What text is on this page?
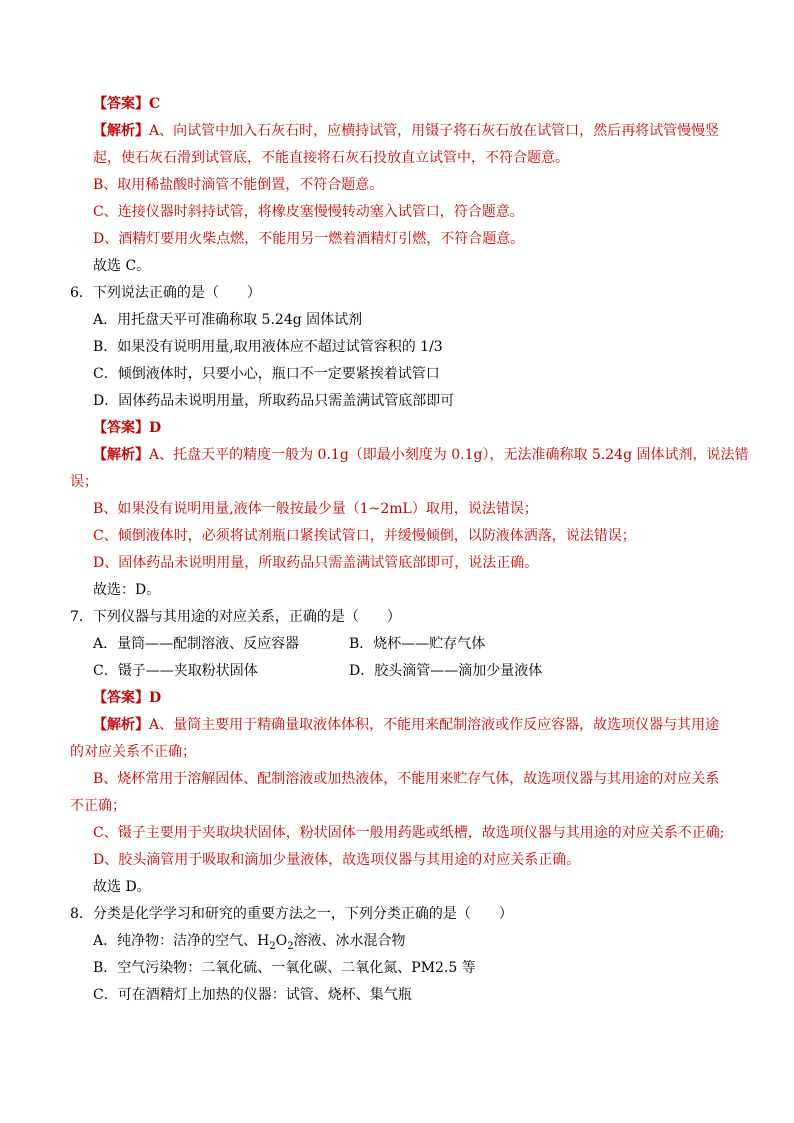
【答案】C
【解析】A、向试管中加入石灰石时，应横持试管，用镊子将石灰石放在试管口，然后再将试管慢慢竖
起，使石灰石滑到试管底，不能直接将石灰石投放直立试管中，不符合题意。
B、取用稀盐酸时滴管不能倒置，不符合题意。
C、连接仪器时斜持试管，将橡皮塞慢慢转动塞入试管口，符合题意。
D、酒精灯要用火柴点燃，不能用另一燃着酒精灯引燃，不符合题意。
故选 C。
6．下列说法正确的是（　　）
A．用托盘天平可准确称取 5.24g 固体试剂
B．如果没有说明用量,取用液体应不超过试管容积的 1/3
C．倾倒液体时，只要小心，瓶口不一定要紧挨着试管口
D．固体药品未说明用量，所取药品只需盖满试管底部即可
【答案】D
【解析】A、托盘天平的精度一般为 0.1g（即最小刻度为 0.1g），无法准确称取 5.24g 固体试剂，说法错
误；
B、如果没有说明用量,液体一般按最少量（1~2mL）取用，说法错误；
C、倾倒液体时，必须将试剂瓶口紧挨试管口，并缓慢倾倒，以防液体洒落，说法错误；
D、固体药品未说明用量，所取药品只需盖满试管底部即可，说法正确。
故选：D。
7．下列仪器与其用途的对应关系，正确的是（　　）
A．量筒——配制溶液、反应容器	B．烧杯——贮存气体
C．镊子——夹取粉状固体	D．胶头滴管——滴加少量液体
【答案】D
【解析】A、量筒主要用于精确量取液体体积，不能用来配制溶液或作反应容器，故选项仪器与其用途
的对应关系不正确；
B、烧杯常用于溶解固体、配制溶液或加热液体，不能用来贮存气体，故选项仪器与其用途的对应关系
不正确；
C、镊子主要用于夹取块状固体，粉状固体一般用药匙或纸槽，故选项仪器与其用途的对应关系不正确;
D、胶头滴管用于吸取和滴加少量液体，故选项仪器与其用途的对应关系正确。
故选 D。
8．分类是化学学习和研究的重要方法之一，下列分类正确的是（　　）
A．纯净物：洁净的空气、$H_2O_2$溶液、冰水混合物
B．空气污染物：二氧化硫、一氧化碳、二氧化氮、PM2.5 等
C．可在酒精灯上加热的仪器：试管、烧杯、集气瓶
